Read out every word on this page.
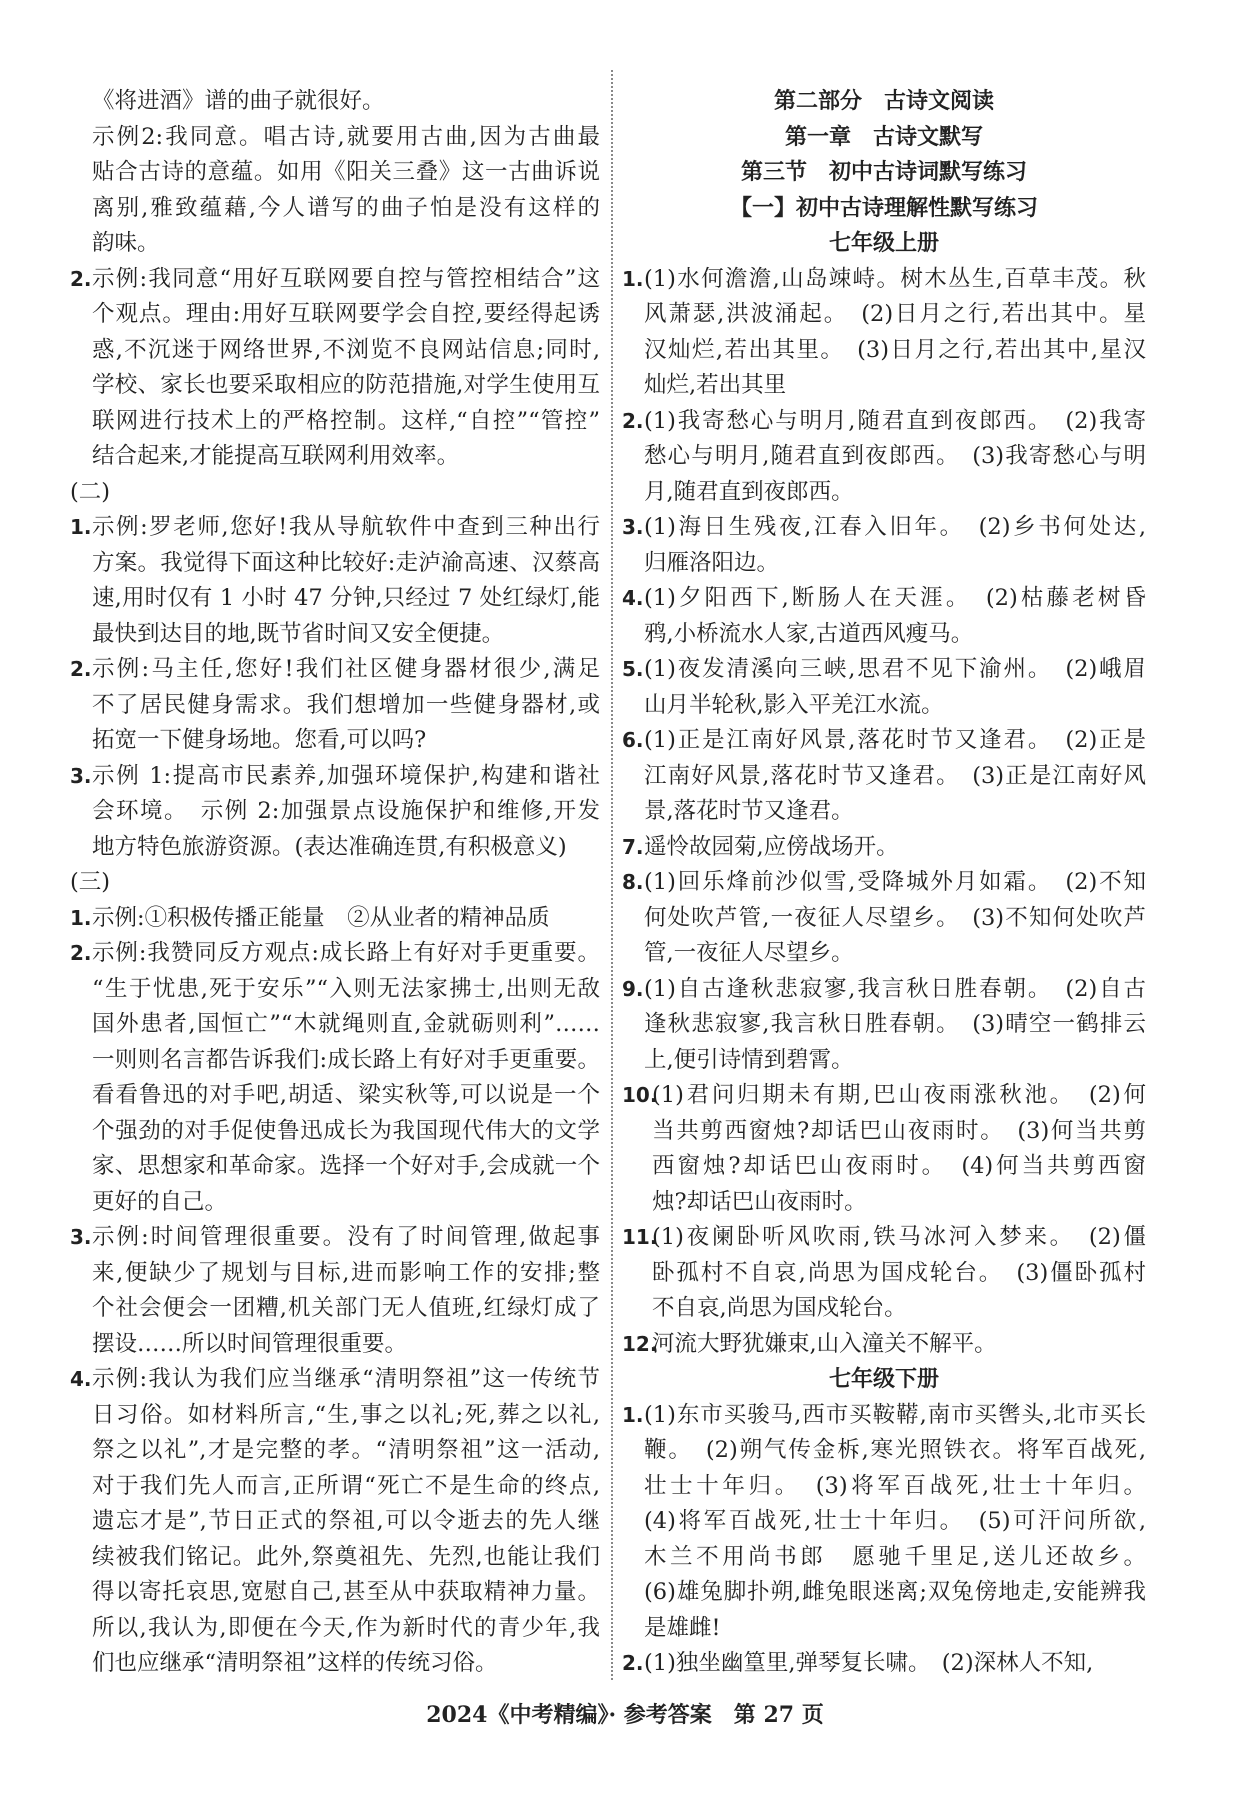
《将进酒》谱的曲子就很好。
示例2:我同意。唱古诗,就要用古曲,因为古曲最
贴合古诗的意蕴。如用《阳关三叠》这一古曲诉说
离别,雅致蕴藉,今人谱写的曲子怕是没有这样的
韵味。
2. 示例:我同意“用好互联网要自控与管控相结合”这
个观点。理由:用好互联网要学会自控,要经得起诱
惑,不沉迷于网络世界,不浏览不良网站信息;同时,
学校、家长也要采取相应的防范措施,对学生使用互
联网进行技术上的严格控制。这样,“自控”“管控”
结合起来,才能提高互联网利用效率。
(二)
1. 示例:罗老师,您好!我从导航软件中查到三种出行
方案。我觉得下面这种比较好:走泸渝高速、汉蔡高
速,用时仅有 1 小时 47 分钟,只经过 7 处红绿灯,能
最快到达目的地,既节省时间又安全便捷。
2. 示例:马主任,您好!我们社区健身器材很少,满足
不了居民健身需求。我们想增加一些健身器材,或
拓宽一下健身场地。您看,可以吗?
3. 示例 1:提高市民素养,加强环境保护,构建和谐社
会环境。　示例 2:加强景点设施保护和维修,开发
地方特色旅游资源。(表达准确连贯,有积极意义)
(三)
1. 示例:①积极传播正能量　②从业者的精神品质
2. 示例:我赞同反方观点:成长路上有好对手更重要。
“生于忧患,死于安乐”“入则无法家拂士,出则无敌
国外患者,国恒亡”“木就绳则直,金就砺则利”……
一则则名言都告诉我们:成长路上有好对手更重要。
看看鲁迅的对手吧,胡适、梁实秋等,可以说是一个
个强劲的对手促使鲁迅成长为我国现代伟大的文学
家、思想家和革命家。选择一个好对手,会成就一个
更好的自己。
3. 示例:时间管理很重要。没有了时间管理,做起事
来,便缺少了规划与目标,进而影响工作的安排;整
个社会便会一团糟,机关部门无人值班,红绿灯成了
摆设……所以时间管理很重要。
4. 示例:我认为我们应当继承“清明祭祖”这一传统节
日习俗。如材料所言,“生,事之以礼;死,葬之以礼,
祭之以礼”,才是完整的孝。“清明祭祖”这一活动,
对于我们先人而言,正所谓“死亡不是生命的终点,
遗忘才是”,节日正式的祭祖,可以令逝去的先人继
续被我们铭记。此外,祭奠祖先、先烈,也能让我们
得以寄托哀思,宽慰自己,甚至从中获取精神力量。
所以,我认为,即便在今天,作为新时代的青少年,我
们也应继承“清明祭祖”这样的传统习俗。
第二部分　古诗文阅读
第一章　古诗文默写
第三节　初中古诗词默写练习
【一】初中古诗理解性默写练习
七年级上册
1. (1)水何澹澹,山岛竦峙。树木丛生,百草丰茂。秋
风萧瑟,洪波涌起。　(2)日月之行,若出其中。星
汉灿烂,若出其里。　(3)日月之行,若出其中,星汉
灿烂,若出其里
2. (1)我寄愁心与明月,随君直到夜郎西。　(2)我寄
愁心与明月,随君直到夜郎西。　(3)我寄愁心与明
月,随君直到夜郎西。
3. (1)海日生残夜,江春入旧年。　(2)乡书何处达,
归雁洛阳边。
4. (1)夕阳西下,断肠人在天涯。　(2)枯藤老树昏
鸦,小桥流水人家,古道西风瘦马。
5. (1)夜发清溪向三峡,思君不见下渝州。　(2)峨眉
山月半轮秋,影入平羌江水流。
6. (1)正是江南好风景,落花时节又逢君。　(2)正是
江南好风景,落花时节又逢君。　(3)正是江南好风
景,落花时节又逢君。
7. 遥怜故园菊,应傍战场开。
8. (1)回乐烽前沙似雪,受降城外月如霜。　(2)不知
何处吹芦管,一夜征人尽望乡。　(3)不知何处吹芦
管,一夜征人尽望乡。
9. (1)自古逢秋悲寂寥,我言秋日胜春朝。　(2)自古
逢秋悲寂寥,我言秋日胜春朝。　(3)晴空一鹤排云
上,便引诗情到碧霄。
10.
(1)君问归期未有期,巴山夜雨涨秋池。　(2)何
当共剪西窗烛?却话巴山夜雨时。　(3)何当共剪
西窗烛?却话巴山夜雨时。　(4)何当共剪西窗
烛?却话巴山夜雨时。
11.
(1)夜阑卧听风吹雨,铁马冰河入梦来。　(2)僵
卧孤村不自哀,尚思为国戍轮台。　(3)僵卧孤村
不自哀,尚思为国戍轮台。
12.
河流大野犹嫌束,山入潼关不解平。
七年级下册
1. (1)东市买骏马,西市买鞍鞯,南市买辔头,北市买长
鞭。　(2)朔气传金柝,寒光照铁衣。将军百战死,
壮士十年归。　(3)将军百战死,壮士十年归。
(4)将军百战死,壮士十年归。　(5)可汗问所欲,
木兰不用尚书郎　愿驰千里足,送儿还故乡。
(6)雄兔脚扑朔,雌兔眼迷离;双兔傍地走,安能辨我
是雄雌!
2. (1)独坐幽篁里,弹琴复长啸。　(2)深林人不知,
2024《中考精编》· 参考答案　第 27 页
